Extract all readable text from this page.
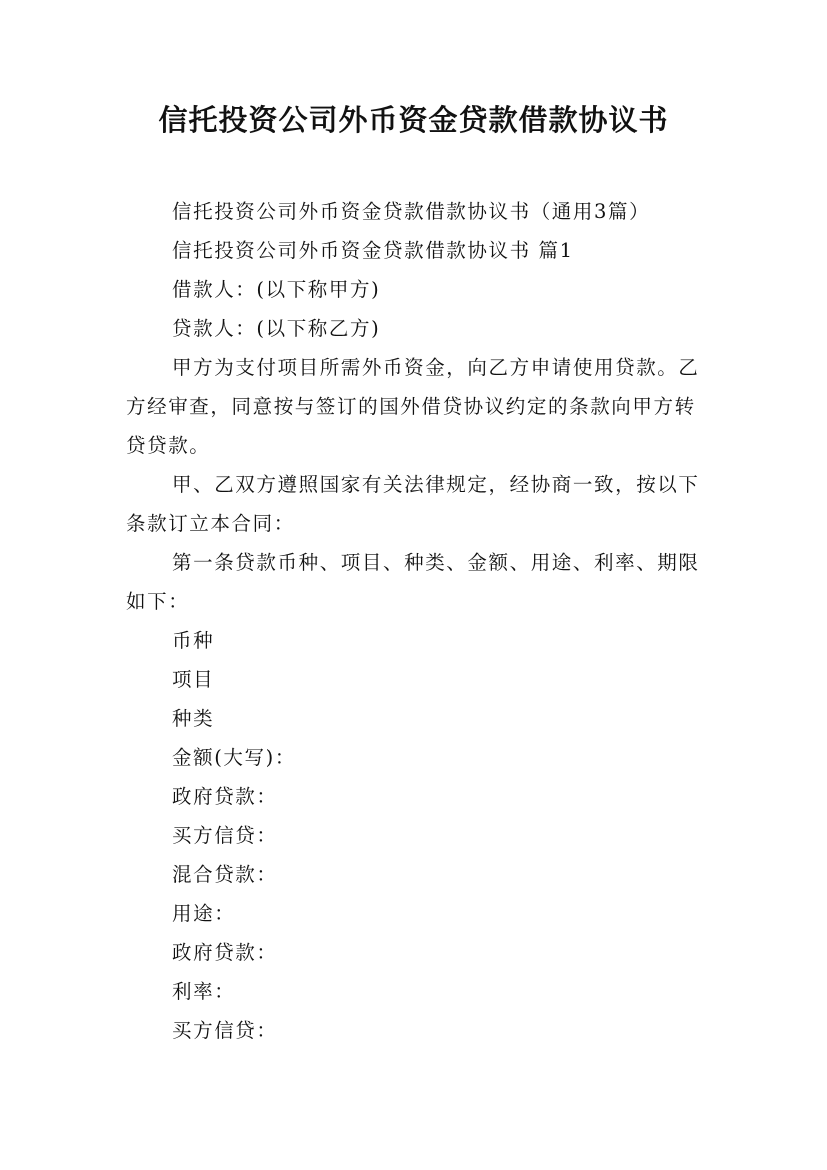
信托投资公司外币资金贷款借款协议书

信托投资公司外币资金贷款借款协议书（通用3篇）

信托投资公司外币资金贷款借款协议书 篇1

借款人：(以下称甲方)

贷款人：(以下称乙方)

甲方为支付项目所需外币资金，向乙方申请使用贷款。乙方经审查，同意按与签订的国外借贷协议约定的条款向甲方转贷贷款。

甲、乙双方遵照国家有关法律规定，经协商一致，按以下条款订立本合同：

第一条贷款币种、项目、种类、金额、用途、利率、期限如下：

币种

项目

种类

金额(大写)：

政府贷款：

买方信贷：

混合贷款：

用途：

政府贷款：

利率：

买方信贷：
